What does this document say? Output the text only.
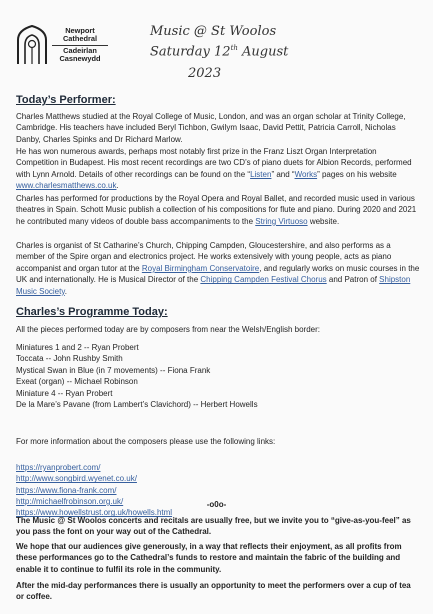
Newport
Cathedral
Cadeirlan
Casnewydd
Music @ St Woolos
Saturday 12th August
2023
Today’s Performer:
Charles Matthews studied at the Royal College of Music, London, and was an organ scholar at Trinity College, Cambridge. His teachers have included Beryl Tichbon, Gwilym Isaac, David Pettit, Patricia Carroll, Nicholas Danby, Charles Spinks and Dr Richard Marlow.
He has won numerous awards, perhaps most notably first prize in the Franz Liszt Organ Interpretation Competition in Budapest. His most recent recordings are two CD’s of piano duets for Albion Records, performed with Lynn Arnold. Details of other recordings can be found on the “Listen” and “Works” pages on his website www.charlesmatthews.co.uk.
Charles has performed for productions by the Royal Opera and Royal Ballet, and recorded music used in various theatres in Spain. Schott Music publish a collection of his compositions for flute and piano. During 2020 and 2021 he contributed many videos of double bass accompaniments to the String Virtuoso website.
Charles is organist of St Catharine’s Church, Chipping Campden, Gloucestershire, and also performs as a member of the Spire organ and electronics project. He works extensively with young people, acts as piano accompanist and organ tutor at the Royal Birmingham Conservatoire, and regularly works on music courses in the UK and internationally. He is Musical Director of the Chipping Campden Festival Chorus and Patron of Shipston Music Society.
Charles’s Programme Today:
All the pieces performed today are by composers from near the Welsh/English border:
Miniatures 1 and 2 -- Ryan Probert
Toccata -- John Rushby Smith
Mystical Swan in Blue (in 7 movements) -- Fiona Frank
Exeat (organ) -- Michael Robinson
Miniature 4 -- Ryan Probert
De la Mare’s Pavane (from Lambert’s Clavichord) -- Herbert Howells
For more information about the composers please use the following links:
https://ryanprobert.com/
http://www.songbird.wyenet.co.uk/
https://www.fiona-frank.com/
http://michaelfrobinson.org.uk/
https://www.howellstrust.org.uk/howells.html
-o0o-
The Music @ St Woolos concerts and recitals are usually free, but we invite you to “give-as-you-feel” as you pass the font on your way out of the Cathedral.
We hope that our audiences give generously, in a way that reflects their enjoyment, as all profits from these performances go to the Cathedral’s funds to restore and maintain the fabric of the building and enable it to continue to fulfil its role in the community.
After the mid-day performances there is usually an opportunity to meet the performers over a cup of tea or coffee.
